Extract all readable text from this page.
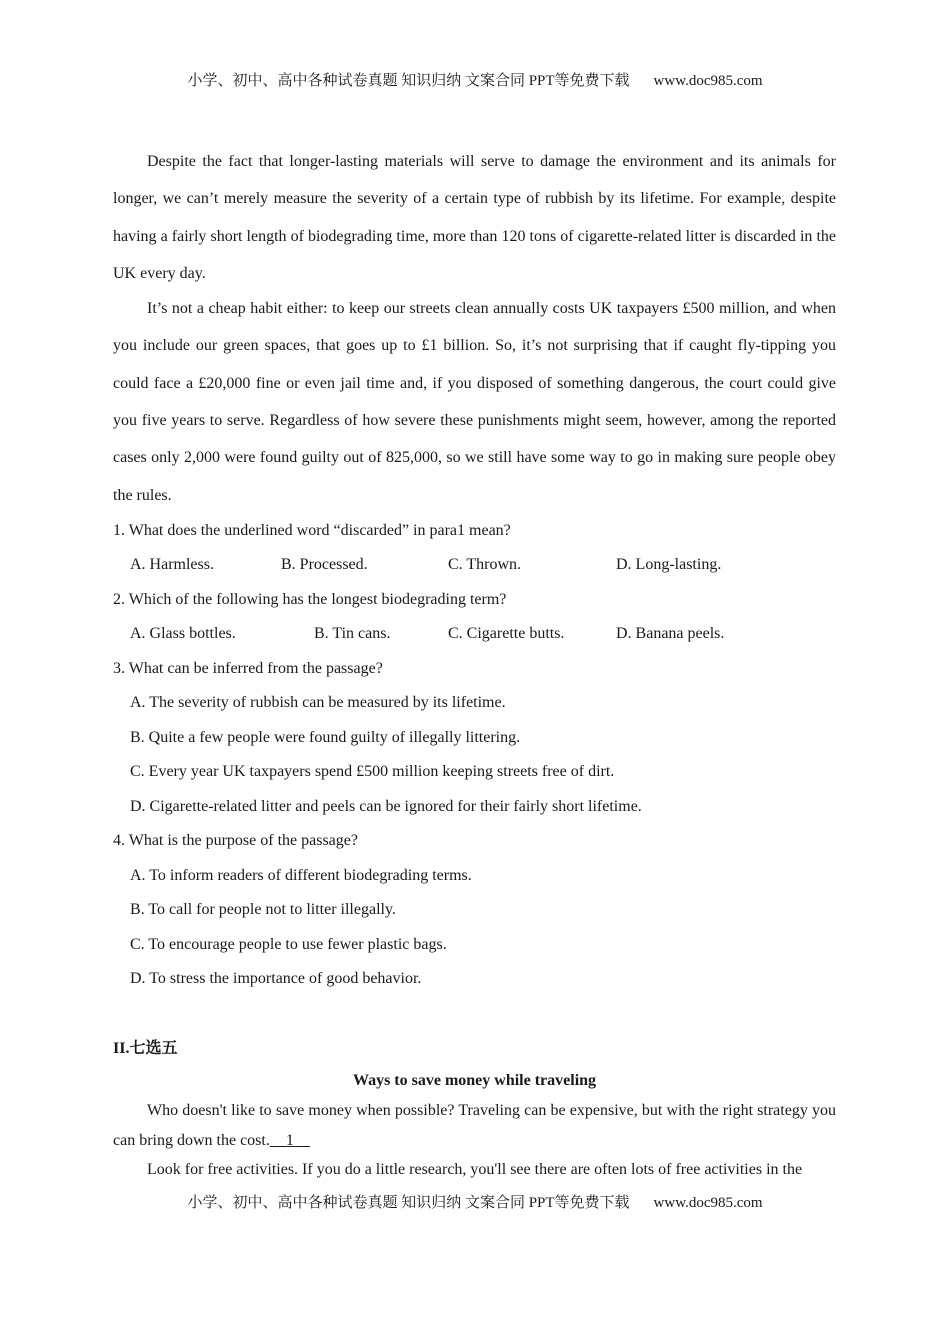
小学、初中、高中各种试卷真题 知识归纳 文案合同 PPT等免费下载 www.doc985.com

Despite the fact that longer-lasting materials will serve to damage the environment and its animals for longer, we can’t merely measure the severity of a certain type of rubbish by its lifetime. For example, despite having a fairly short length of biodegrading time, more than 120 tons of cigarette-related litter is discarded in the UK every day.

It’s not a cheap habit either: to keep our streets clean annually costs UK taxpayers £500 million, and when you include our green spaces, that goes up to £1 billion. So, it’s not surprising that if caught fly-tipping you could face a £20,000 fine or even jail time and, if you disposed of something dangerous, the court could give you five years to serve. Regardless of how severe these punishments might seem, however, among the reported cases only 2,000 were found guilty out of 825,000, so we still have some way to go in making sure people obey the rules.

1. What does the underlined word “discarded” in para1 mean?

A. Harmless.	B. Processed.	C. Thrown.	D. Long-lasting.

2. Which of the following has the longest biodegrading term?

A. Glass bottles.	B. Tin cans.	C. Cigarette butts.	D. Banana peels.

3. What can be inferred from the passage?

A. The severity of rubbish can be measured by its lifetime.

B. Quite a few people were found guilty of illegally littering.

C. Every year UK taxpayers spend £500 million keeping streets free of dirt.

D. Cigarette-related litter and peels can be ignored for their fairly short lifetime.

4. What is the purpose of the passage?

A. To inform readers of different biodegrading terms.

B. To call for people not to litter illegally.

C. To encourage people to use fewer plastic bags.

D. To stress the importance of good behavior.

II.七选五

Ways to save money while traveling

Who doesn't like to save money when possible? Traveling can be expensive, but with the right strategy you can bring down the cost.__1__

Look for free activities. If you do a little research, you'll see there are often lots of free activities in the

小学、初中、高中各种试卷真题 知识归纳 文案合同 PPT等免费下载 www.doc985.com
